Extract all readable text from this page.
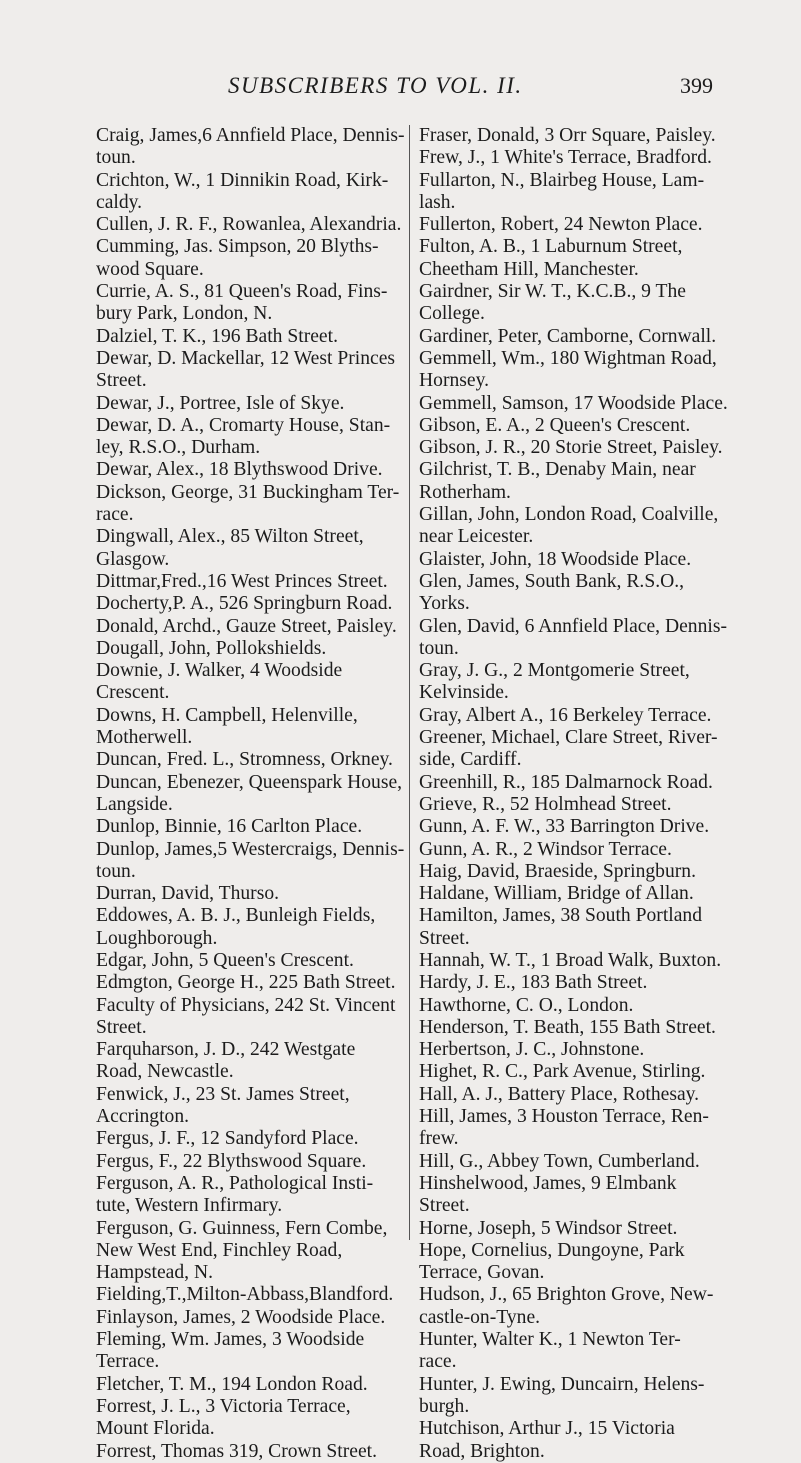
SUBSCRIBERS TO VOL. II.	399

Craig, James,6 Annfield Place, Dennis-
toun.

Crichton, W., 1 Dinnikin Road, Kirk-
caldy.

Cullen, J. R. F., Rowanlea, Alexandria.

Cumming, Jas. Simpson, 20 Blyths-
wood Square.

Currie, A. S., 81 Queen's Road, Fins-
bury Park, London, N.

Dalziel, T. K., 196 Bath Street.

Dewar, D. Mackellar, 12 West Princes
Street.

Dewar, J., Portree, Isle of Skye.

Dewar, D. A., Cromarty House, Stan-
ley, R.S.O., Durham.

Dewar, Alex., 18 Blythswood Drive.

Dickson, George, 31 Buckingham Ter-
race.

Dingwall, Alex., 85 Wilton Street,
Glasgow.

Dittmar,Fred.,16 West Princes Street.

Docherty,P. A., 526 Springburn Road.

Donald, Archd., Gauze Street, Paisley.

Dougall, John, Pollokshields.

Downie, J. Walker, 4 Woodside
Crescent.

Downs, H. Campbell, Helenville,
Motherwell.

Duncan, Fred. L., Stromness, Orkney.

Duncan, Ebenezer, Queenspark House,
Langside.

Dunlop, Binnie, 16 Carlton Place.

Dunlop, James,5 Westercraigs, Dennis-
toun.

Durran, David, Thurso.

Eddowes, A. B. J., Bunleigh Fields,
Loughborough.

Edgar, John, 5 Queen's Crescent.

Edmgton, George H., 225 Bath Street.

Faculty of Physicians, 242 St. Vincent
Street.

Farquharson, J. D., 242 Westgate
Road, Newcastle.

Fenwick, J., 23 St. James Street,
Accrington.

Fergus, J. F., 12 Sandyford Place.

Fergus, F., 22 Blythswood Square.

Ferguson, A. R., Pathological Insti-
tute, Western Infirmary.

Ferguson, G. Guinness, Fern Combe,
New West End, Finchley Road,
Hampstead, N.

Fielding,T.,Milton-Abbass,Blandford.

Finlayson, James, 2 Woodside Place.

Fleming, Wm. James, 3 Woodside
Terrace.

Fletcher, T. M., 194 London Road.

Forrest, J. L., 3 Victoria Terrace,
Mount Florida.

Forrest, Thomas 319, Crown Street.

Fraser, Donald, 3 Orr Square, Paisley.

Frew, J., 1 White's Terrace, Bradford.

Fullarton, N., Blairbeg House, Lam-
lash.

Fullerton, Robert, 24 Newton Place.

Fulton, A. B., 1 Laburnum Street,
Cheetham Hill, Manchester.

Gairdner, Sir W. T., K.C.B., 9 The
College.

Gardiner, Peter, Camborne, Cornwall.

Gemmell, Wm., 180 Wightman Road,
Hornsey.

Gemmell, Samson, 17 Woodside Place.

Gibson, E. A., 2 Queen's Crescent.

Gibson, J. R., 20 Storie Street, Paisley.

Gilchrist, T. B., Denaby Main, near
Rotherham.

Gillan, John, London Road, Coalville,
near Leicester.

Glaister, John, 18 Woodside Place.

Glen, James, South Bank, R.S.O.,
Yorks.

Glen, David, 6 Annfield Place, Dennis-
toun.

Gray, J. G., 2 Montgomerie Street,
Kelvinside.

Gray, Albert A., 16 Berkeley Terrace.

Greener, Michael, Clare Street, River-
side, Cardiff.

Greenhill, R., 185 Dalmarnock Road.

Grieve, R., 52 Holmhead Street.

Gunn, A. F. W., 33 Barrington Drive.

Gunn, A. R., 2 Windsor Terrace.

Haig, David, Braeside, Springburn.

Haldane, William, Bridge of Allan.

Hamilton, James, 38 South Portland
Street.

Hannah, W. T., 1 Broad Walk, Buxton.

Hardy, J. E., 183 Bath Street.

Hawthorne, C. O., London.

Henderson, T. Beath, 155 Bath Street.

Herbertson, J. C., Johnstone.

Highet, R. C., Park Avenue, Stirling.

Hall, A. J., Battery Place, Rothesay.

Hill, James, 3 Houston Terrace, Ren-
frew.

Hill, G., Abbey Town, Cumberland.

Hinshelwood, James, 9 Elmbank
Street.

Horne, Joseph, 5 Windsor Street.

Hope, Cornelius, Dungoyne, Park
Terrace, Govan.

Hudson, J., 65 Brighton Grove, New-
castle-on-Tyne.

Hunter, Walter K., 1 Newton Ter-
race.

Hunter, J. Ewing, Duncairn, Helens-
burgh.

Hutchison, Arthur J., 15 Victoria
Road, Brighton.
